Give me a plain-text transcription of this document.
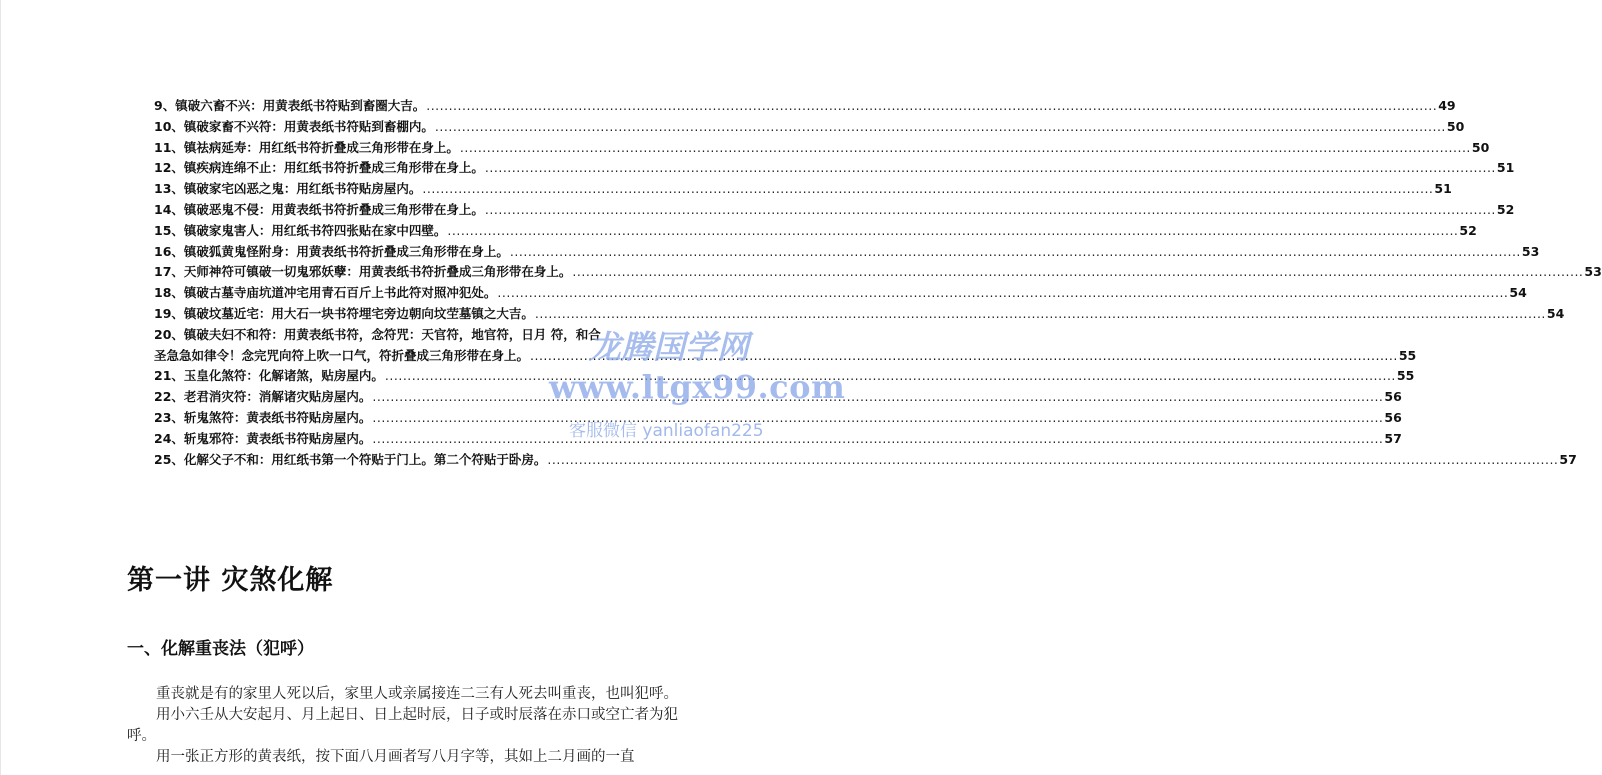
9、 镇破六畜不兴：用黄表纸书符贴到畜圈大吉。 .....	49
10、 镇破家畜不兴符：用黄表纸书符贴到畜棚内。 .....	50
11、 镇祛病延寿：用红纸书符折叠成三角形带在身上。 .....	50
12、 镇疾病连绵不止：用红纸书符折叠成三角形带在身上。 .....	51
13、 镇破家宅凶恶之鬼：用红纸书符贴房屋内。 .....	51
14、 镇破恶鬼不侵：用黄表纸书符折叠成三角形带在身上。 .....	52
15、 镇破家鬼害人：用红纸书符四张贴在家中四壁。 .....	52
16、 镇破狐黄鬼怪附身：用黄表纸书符折叠成三角形带在身上。 .....	53
17、 天师神符可镇破一切鬼邪妖孽：用黄表纸书符折叠成三角形带在身上。 .....	53
18、 镇破古墓寺庙坑道冲宅用青石百斤上书此符对照冲犯处。 .....	54
19、 镇破坟墓近宅：用大石一块书符埋宅旁边朝向坟茔墓镇之大吉。 .....	54
20、镇破夫妇不和符：用黄表纸书符，念符咒：天官符，地官符，日月 符，和合
圣急急如律令！念完咒向符上吹一口气，符折叠成三角形带在身上。 .....	55
21、 玉皇化煞符：化解诸煞，贴房屋内。 .....	55
22、 老君消灾符：消解诸灾贴房屋内。 .....	56
23、 斩鬼煞符：黄表纸书符贴房屋内。 .....	56
24、 斩鬼邪符：黄表纸书符贴房屋内。 .....	57
25、 化解父子不和：用红纸书第一个符贴于门上。第二个符贴于卧房。 .....	57
第一讲 灾煞化解
一、化解重丧法（犯呼）

重丧就是有的家里人死以后，家里人或亲属接连二三有人死去叫重丧，也叫犯呼。

用小六壬从大安起月、月上起日、日上起时辰，日子或时辰落在赤口或空亡者为犯呼。

用一张正方形的黄表纸，按下面八月画者写八月字等，其如上二月画的一直

龙腾国学网
www.ltgx99.com
客服微信 yanliaofan225
